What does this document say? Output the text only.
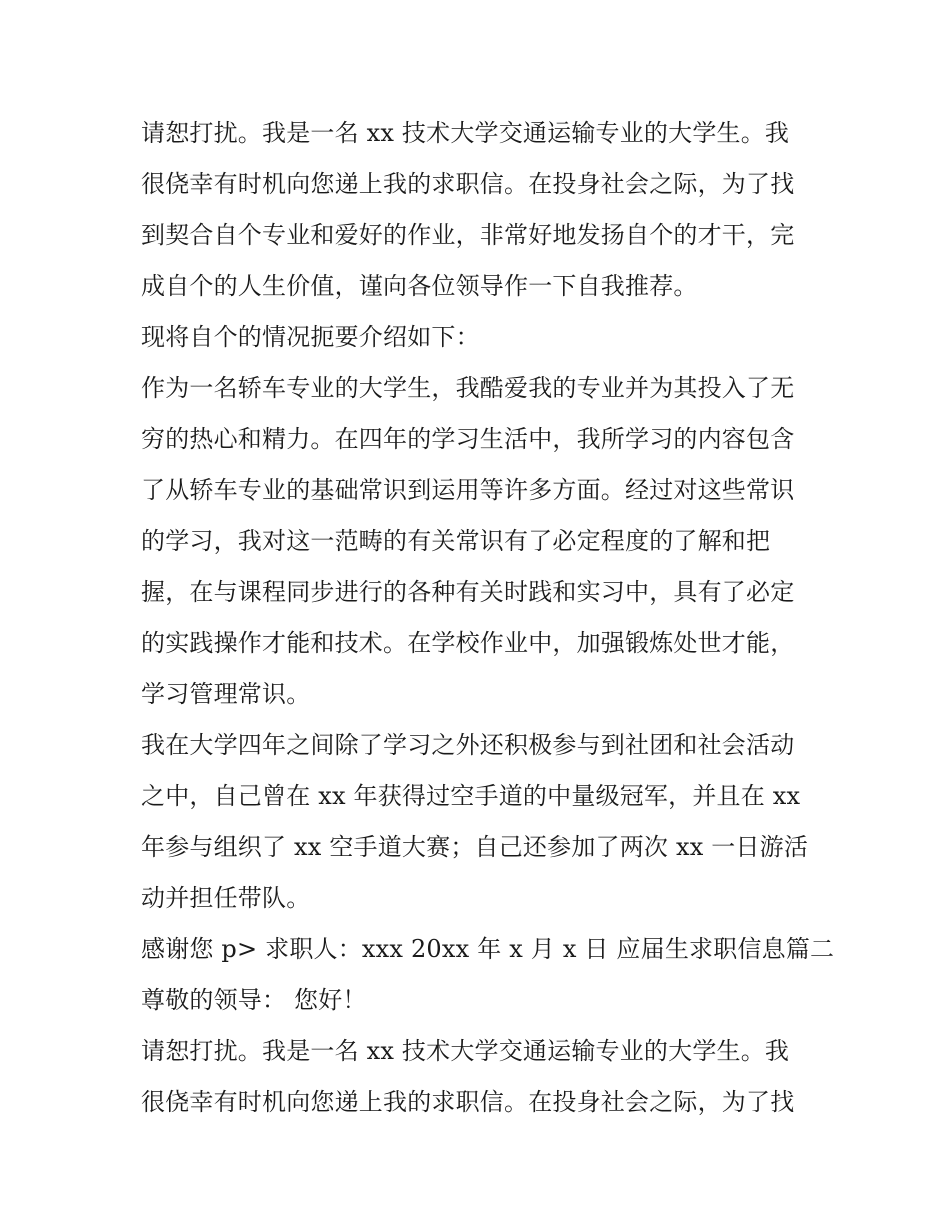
请恕打扰。我是一名 xx 技术大学交通运输专业的大学生。我
很侥幸有时机向您递上我的求职信。在投身社会之际，为了找
到契合自个专业和爱好的作业，非常好地发扬自个的才干，完
成自个的人生价值，谨向各位领导作一下自我推荐。
现将自个的情况扼要介绍如下：
作为一名轿车专业的大学生，我酷爱我的专业并为其投入了无
穷的热心和精力。在四年的学习生活中，我所学习的内容包含
了从轿车专业的基础常识到运用等许多方面。经过对这些常识
的学习，我对这一范畴的有关常识有了必定程度的了解和把
握，在与课程同步进行的各种有关时践和实习中，具有了必定
的实践操作才能和技术。在学校作业中，加强锻炼处世才能，
学习管理常识。
我在大学四年之间除了学习之外还积极参与到社团和社会活动
之中，自己曾在 xx 年获得过空手道的中量级冠军，并且在 xx
年参与组织了 xx 空手道大赛；自己还参加了两次 xx 一日游活
动并担任带队。
感谢您 p> 求职人：xxx 20xx 年 x 月 x 日 应届生求职信息篇二
尊敬的领导： 您好！
请恕打扰。我是一名 xx 技术大学交通运输专业的大学生。我
很侥幸有时机向您递上我的求职信。在投身社会之际，为了找
